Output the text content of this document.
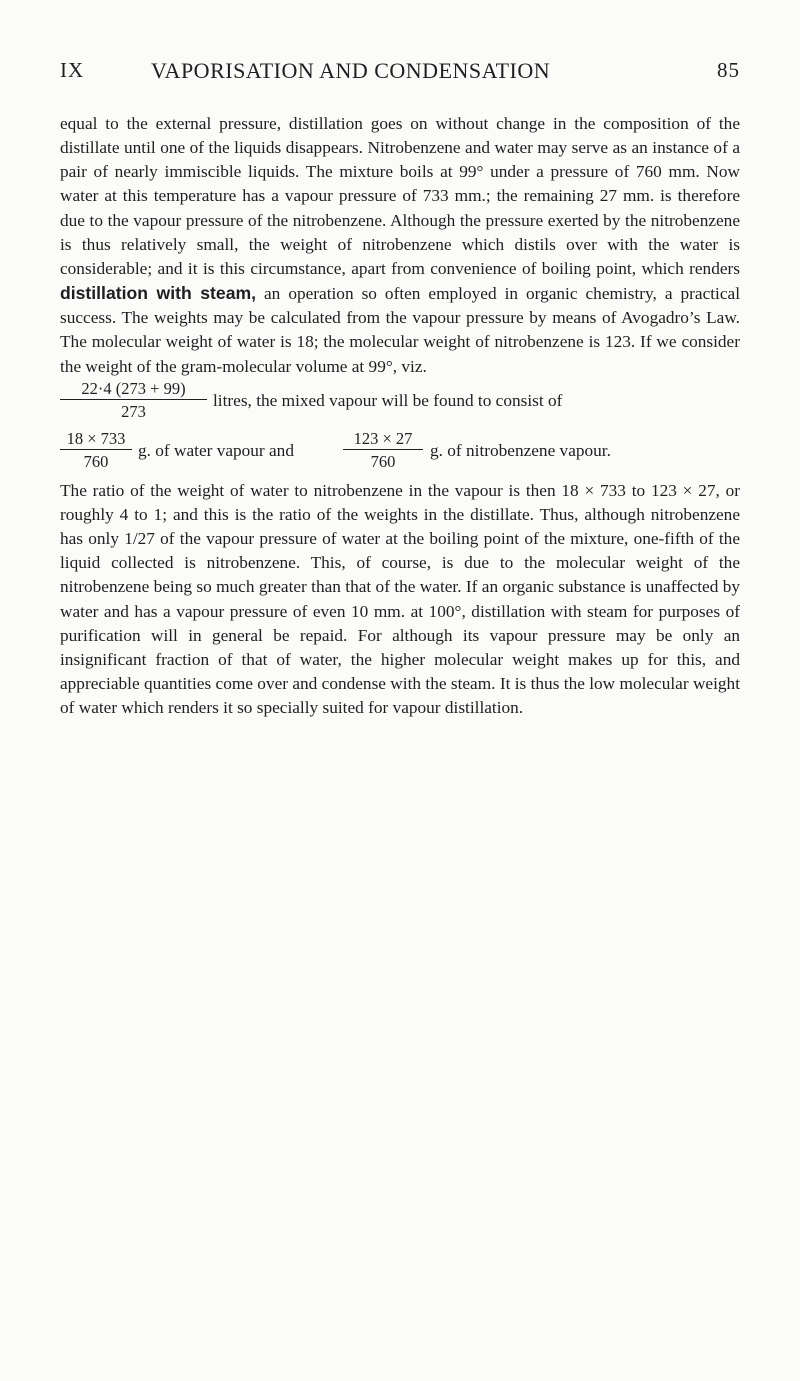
IX	VAPORISATION AND CONDENSATION	85

equal to the external pressure, distillation goes on without change in the composition of the distillate until one of the liquids disappears. Nitrobenzene and water may serve as an instance of a pair of nearly immiscible liquids. The mixture boils at 99° under a pressure of 760 mm. Now water at this temperature has a vapour pressure of 733 mm.; the remaining 27 mm. is therefore due to the vapour pressure of the nitrobenzene. Although the pressure exerted by the nitrobenzene is thus relatively small, the weight of nitrobenzene which distils over with the water is considerable; and it is this circumstance, apart from convenience of boiling point, which renders distillation with steam, an operation so often employed in organic chemistry, a practical success. The weights may be calculated from the vapour pressure by means of Avogadro’s Law. The molecular weight of water is 18; the molecular weight of nitrobenzene is 123. If we consider the weight of the gram-molecular volume at 99°, viz.

22·4 (273 + 99)
273
litres, the mixed vapour will be found to consist of
18 × 733
760
g. of water vapour and
123 × 27
760
g. of nitrobenzene vapour.

The ratio of the weight of water to nitrobenzene in the vapour is then 18 × 733 to 123 × 27, or roughly 4 to 1; and this is the ratio of the weights in the distillate. Thus, although nitrobenzene has only 1/27 of the vapour pressure of water at the boiling point of the mixture, one-fifth of the liquid collected is nitrobenzene. This, of course, is due to the molecular weight of the nitrobenzene being so much greater than that of the water. If an organic substance is unaffected by water and has a vapour pressure of even 10 mm. at 100°, distillation with steam for purposes of purification will in general be repaid. For although its vapour pressure may be only an insignificant fraction of that of water, the higher molecular weight makes up for this, and appreciable quantities come over and condense with the steam. It is thus the low molecular weight of water which renders it so specially suited for vapour distillation.
